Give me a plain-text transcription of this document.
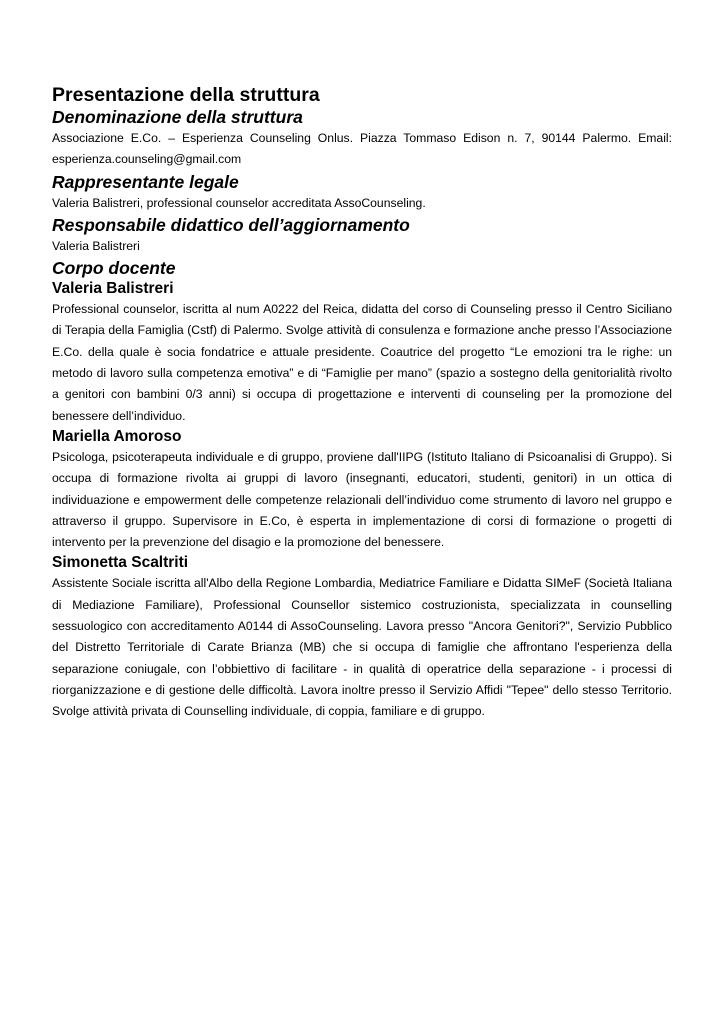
Presentazione della struttura
Denominazione della struttura

Associazione E.Co. – Esperienza Counseling Onlus. Piazza Tommaso Edison n. 7, 90144 Palermo. Email: esperienza.counseling@gmail.com

Rappresentante legale

Valeria Balistreri, professional counselor accreditata AssoCounseling.

Responsabile didattico dell’aggiornamento

Valeria Balistreri

Corpo docente
Valeria Balistreri

Professional counselor, iscritta al num A0222 del Reica, didatta del corso di Counseling presso il Centro Siciliano di Terapia della Famiglia (Cstf) di Palermo. Svolge attività di consulenza e formazione anche presso l’Associazione E.Co. della quale è socia fondatrice e attuale presidente. Coautrice del progetto “Le emozioni tra le righe: un metodo di lavoro sulla competenza emotiva” e di “Famiglie per mano” (spazio a sostegno della genitorialità rivolto a genitori con bambini 0/3 anni) si occupa di progettazione e interventi di counseling per la promozione del benessere dell’individuo.

Mariella Amoroso

Psicologa, psicoterapeuta individuale e di gruppo, proviene dall'IIPG (Istituto Italiano di Psicoanalisi di Gruppo). Si occupa di formazione rivolta ai gruppi di lavoro (insegnanti, educatori, studenti, genitori) in un ottica di individuazione e empowerment delle competenze relazionali dell’individuo come strumento di lavoro nel gruppo e attraverso il gruppo. Supervisore in E.Co, è esperta in implementazione di corsi di formazione o progetti di intervento per la prevenzione del disagio e la promozione del benessere.

Simonetta Scaltriti

Assistente Sociale iscritta all'Albo della Regione Lombardia, Mediatrice Familiare e Didatta SIMeF (Società Italiana di Mediazione Familiare), Professional Counsellor sistemico costruzionista, specializzata in counselling sessuologico con accreditamento A0144 di AssoCounseling. Lavora presso "Ancora Genitori?", Servizio Pubblico del Distretto Territoriale di Carate Brianza (MB) che si occupa di famiglie che affrontano l'esperienza della separazione coniugale, con l’obbiettivo di facilitare - in qualità di operatrice della separazione - i processi di riorganizzazione e di gestione delle difficoltà. Lavora inoltre presso il Servizio Affidi "Tepee" dello stesso Territorio. Svolge attività privata di Counselling individuale, di coppia, familiare e di gruppo.
